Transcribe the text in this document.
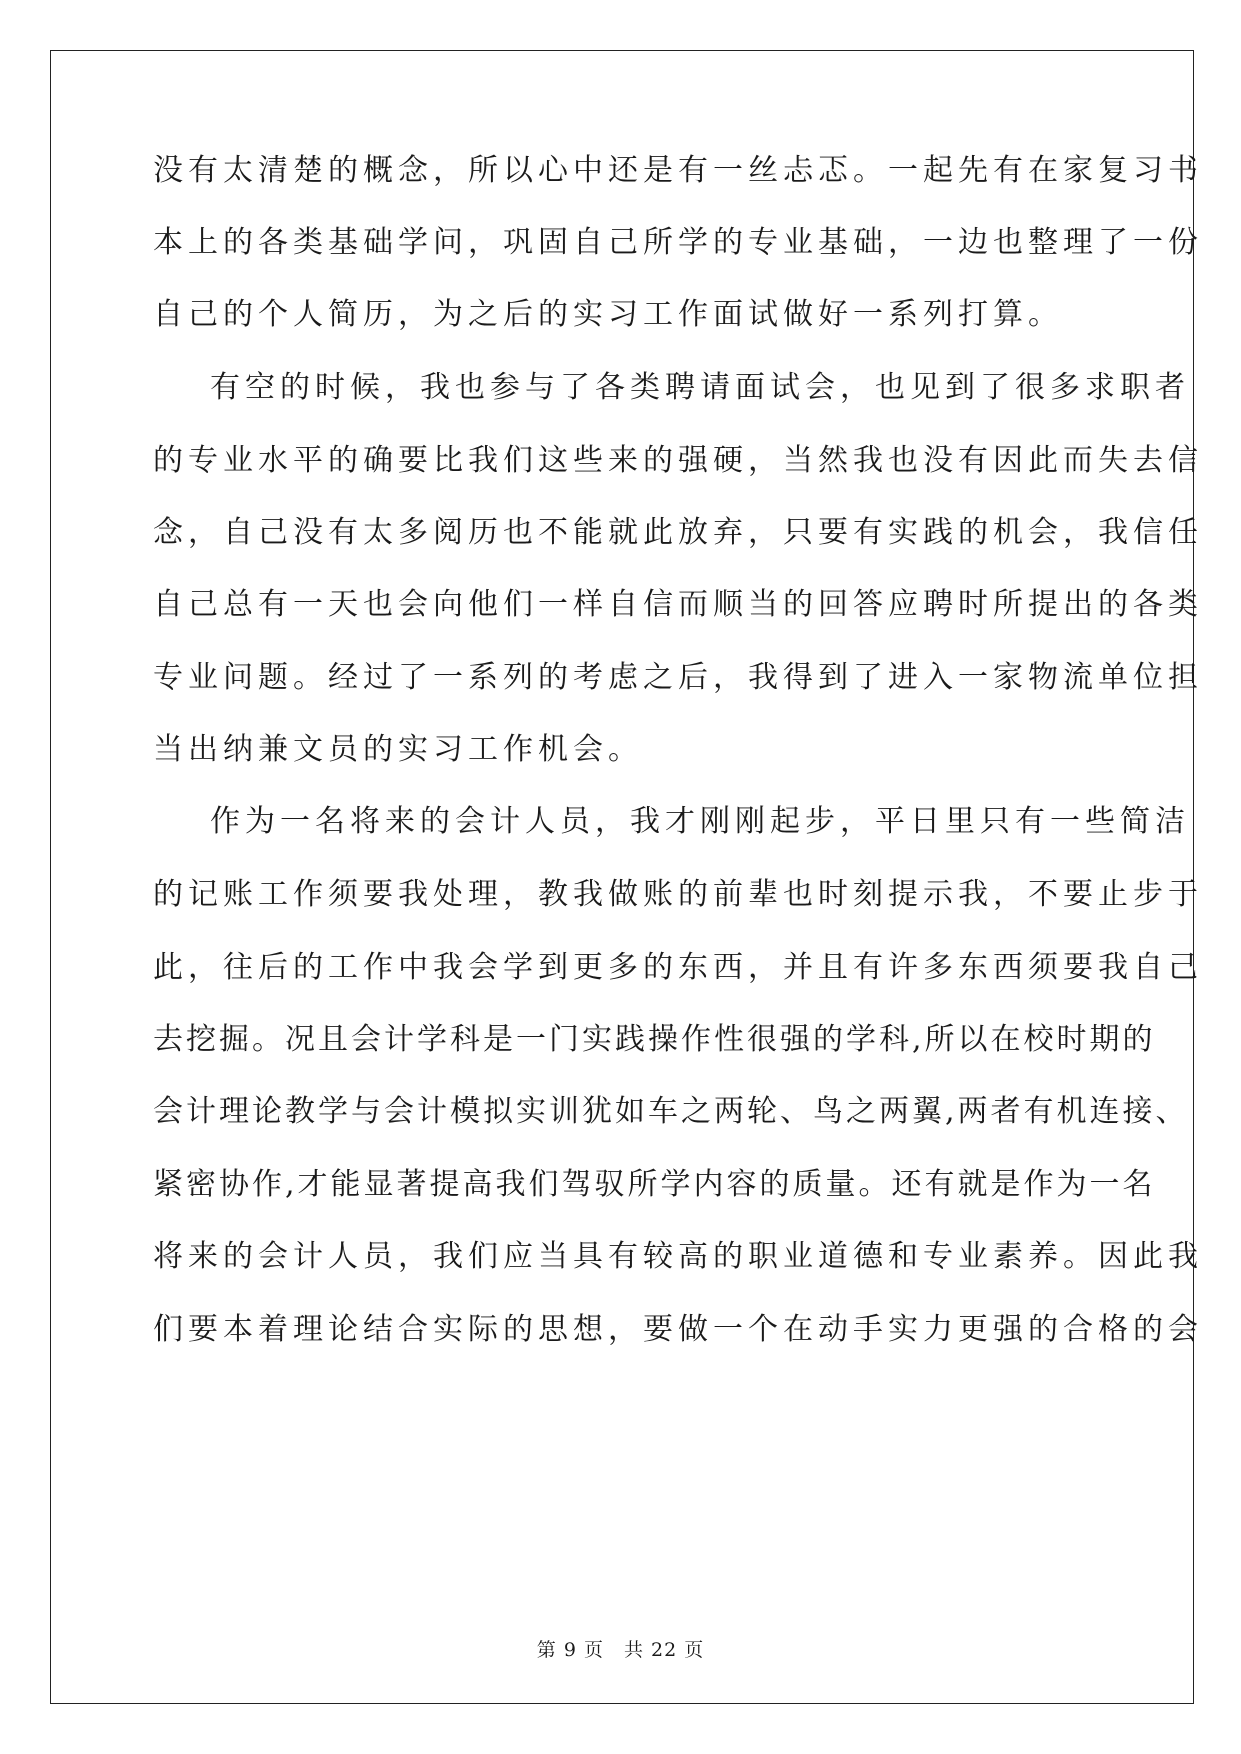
没有太清楚的概念，所以心中还是有一丝忐忑。一起先有在家复习书
本上的各类基础学问，巩固自己所学的专业基础，一边也整理了一份
自己的个人简历，为之后的实习工作面试做好一系列打算。
有空的时候，我也参与了各类聘请面试会，也见到了很多求职者
的专业水平的确要比我们这些来的强硬，当然我也没有因此而失去信
念，自己没有太多阅历也不能就此放弃，只要有实践的机会，我信任
自己总有一天也会向他们一样自信而顺当的回答应聘时所提出的各类
专业问题。经过了一系列的考虑之后，我得到了进入一家物流单位担
当出纳兼文员的实习工作机会。
作为一名将来的会计人员，我才刚刚起步，平日里只有一些简洁
的记账工作须要我处理，教我做账的前辈也时刻提示我，不要止步于
此，往后的工作中我会学到更多的东西，并且有许多东西须要我自己
去挖掘。况且会计学科是一门实践操作性很强的学科,所以在校时期的
会计理论教学与会计模拟实训犹如车之两轮、鸟之两翼,两者有机连接、
紧密协作,才能显著提高我们驾驭所学内容的质量。还有就是作为一名
将来的会计人员，我们应当具有较高的职业道德和专业素养。因此我
们要本着理论结合实际的思想，要做一个在动手实力更强的合格的会
第 9 页　共 22 页
